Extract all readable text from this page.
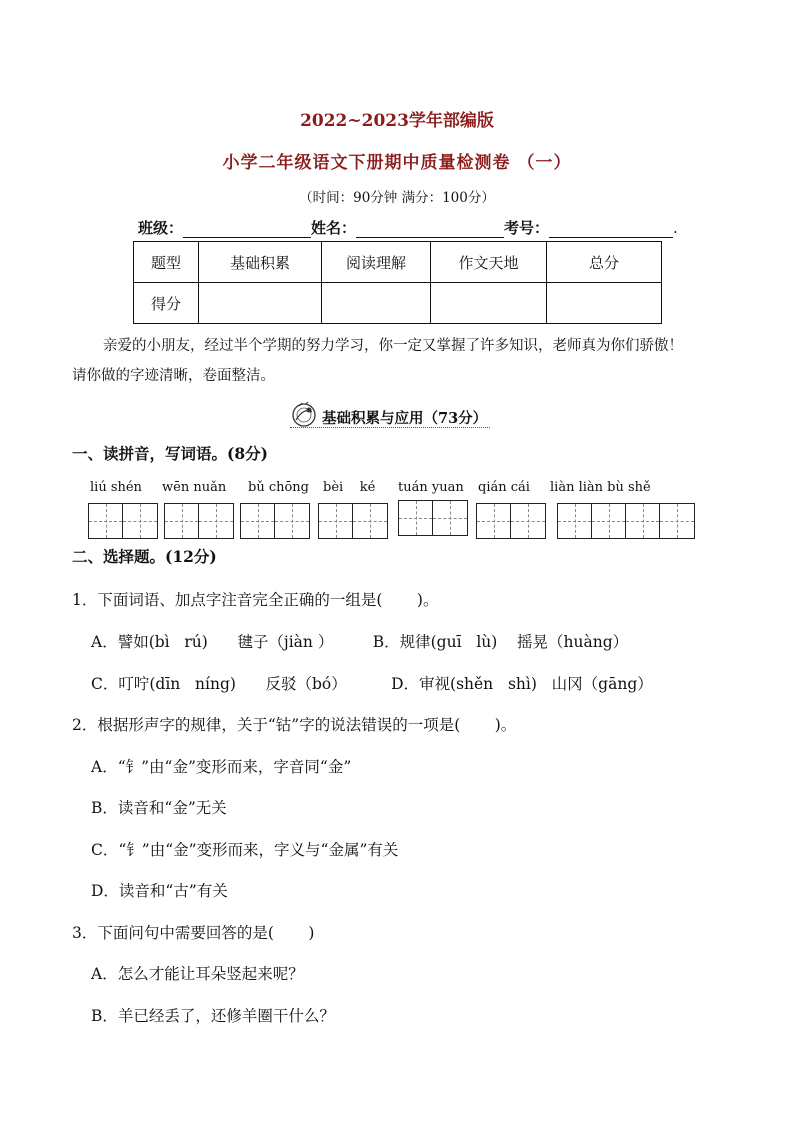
2022~2023学年部编版
小学二年级语文下册期中质量检测卷 （一）
（时间：90分钟 满分：100分）
班级：	姓名：	考号：	.
题型	基础积累	阅读理解	作文天地	总分
得分				

亲爱的小朋友，经过半个学期的努力学习，你一定又掌握了许多知识，老师真为你们骄傲！

请你做的字迹清晰，卷面整洁。

基础积累与应用（73分）
一、读拼音，写词语。(8分)
liú shén wēn nuǎn bǔ chōng bèi    ké tuán yuan qián cái liàn liàn bù shě
二、选择题。(12分)
1．下面词语、加点字注音完全正确的一组是(       )。
A．譬如(bì   rú)      毽子（jiàn ）        B．规律(guī   lù)    摇晃（huàng）
C．叮咛(dīn   níng)      反驳（bó）         D．审视(shěn   shì)   山冈（gāng）
2．根据形声字的规律，关于“钴”字的说法错误的一项是(       )。
A．“钅”由“金”变形而来，字音同“金”
B．读音和“金”无关
C．“钅”由“金”变形而来，字义与“金属”有关
D．读音和“古”有关
3．下面问句中需要回答的是(       )
A．怎么才能让耳朵竖起来呢？
B．羊已经丢了，还修羊圈干什么？
